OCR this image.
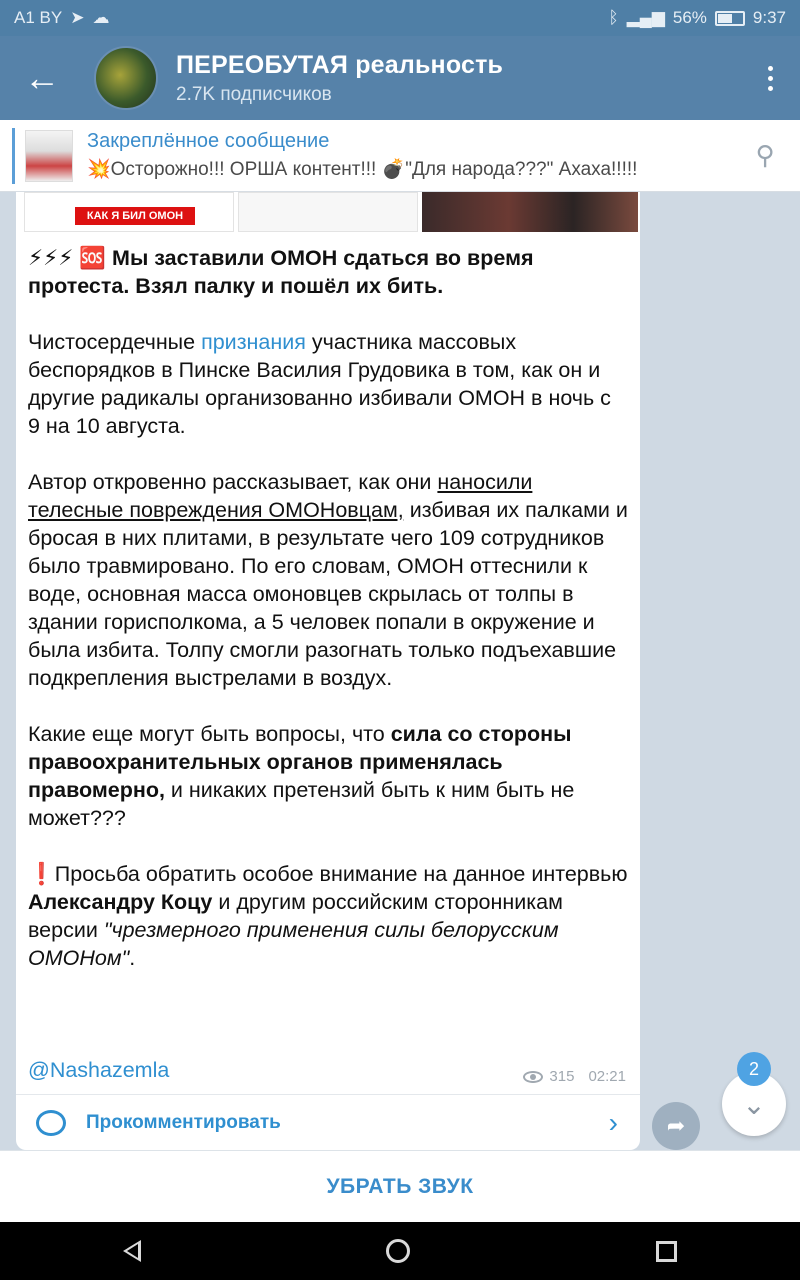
A1 BY ➤ ☁	ᛒ ▂▄▆ 56%	9:37
←	ПЕРЕОБУТАЯ реальность
2.7K подписчиков
Закреплённое сообщение
💥Осторожно!!! ОРША контент!!! 💣"Для народа???" Ахаха!!!!!	⚲
КАК Я БИЛ ОМОН

⚡⚡⚡ 🆘 Мы заставили ОМОН сдаться во время протеста. Взял палку и пошёл их бить.

Чистосердечные признания участника массовых беспорядков в Пинске Василия Грудовика в том, как он и другие радикалы организованно избивали ОМОН в ночь с 9 на 10 августа.

Автор откровенно рассказывает, как они наносили телесные повреждения ОМОНовцам, избивая их палками и бросая в них плитами, в результате чего 109 сотрудников было травмировано. По его словам, ОМОН оттеснили к воде, основная масса омоновцев скрылась от толпы в здании горисполкома, а 5 человек попали в окружение и была избита. Толпу смогли разогнать только подъехавшие подкрепления выстрелами в воздух.

Какие еще могут быть вопросы, что сила со стороны правоохранительных органов применялась правомерно, и никаких претензий быть к ним быть не может???

❗Просьба обратить особое внимание на данное интервью Александру Коцу и другим российским сторонникам версии "чрезмерного применения силы белорусским ОМОНом".

@Nashazemla	315 02:21
Прокомментировать	› ➦
⌄
2
УБРАТЬ ЗВУК
